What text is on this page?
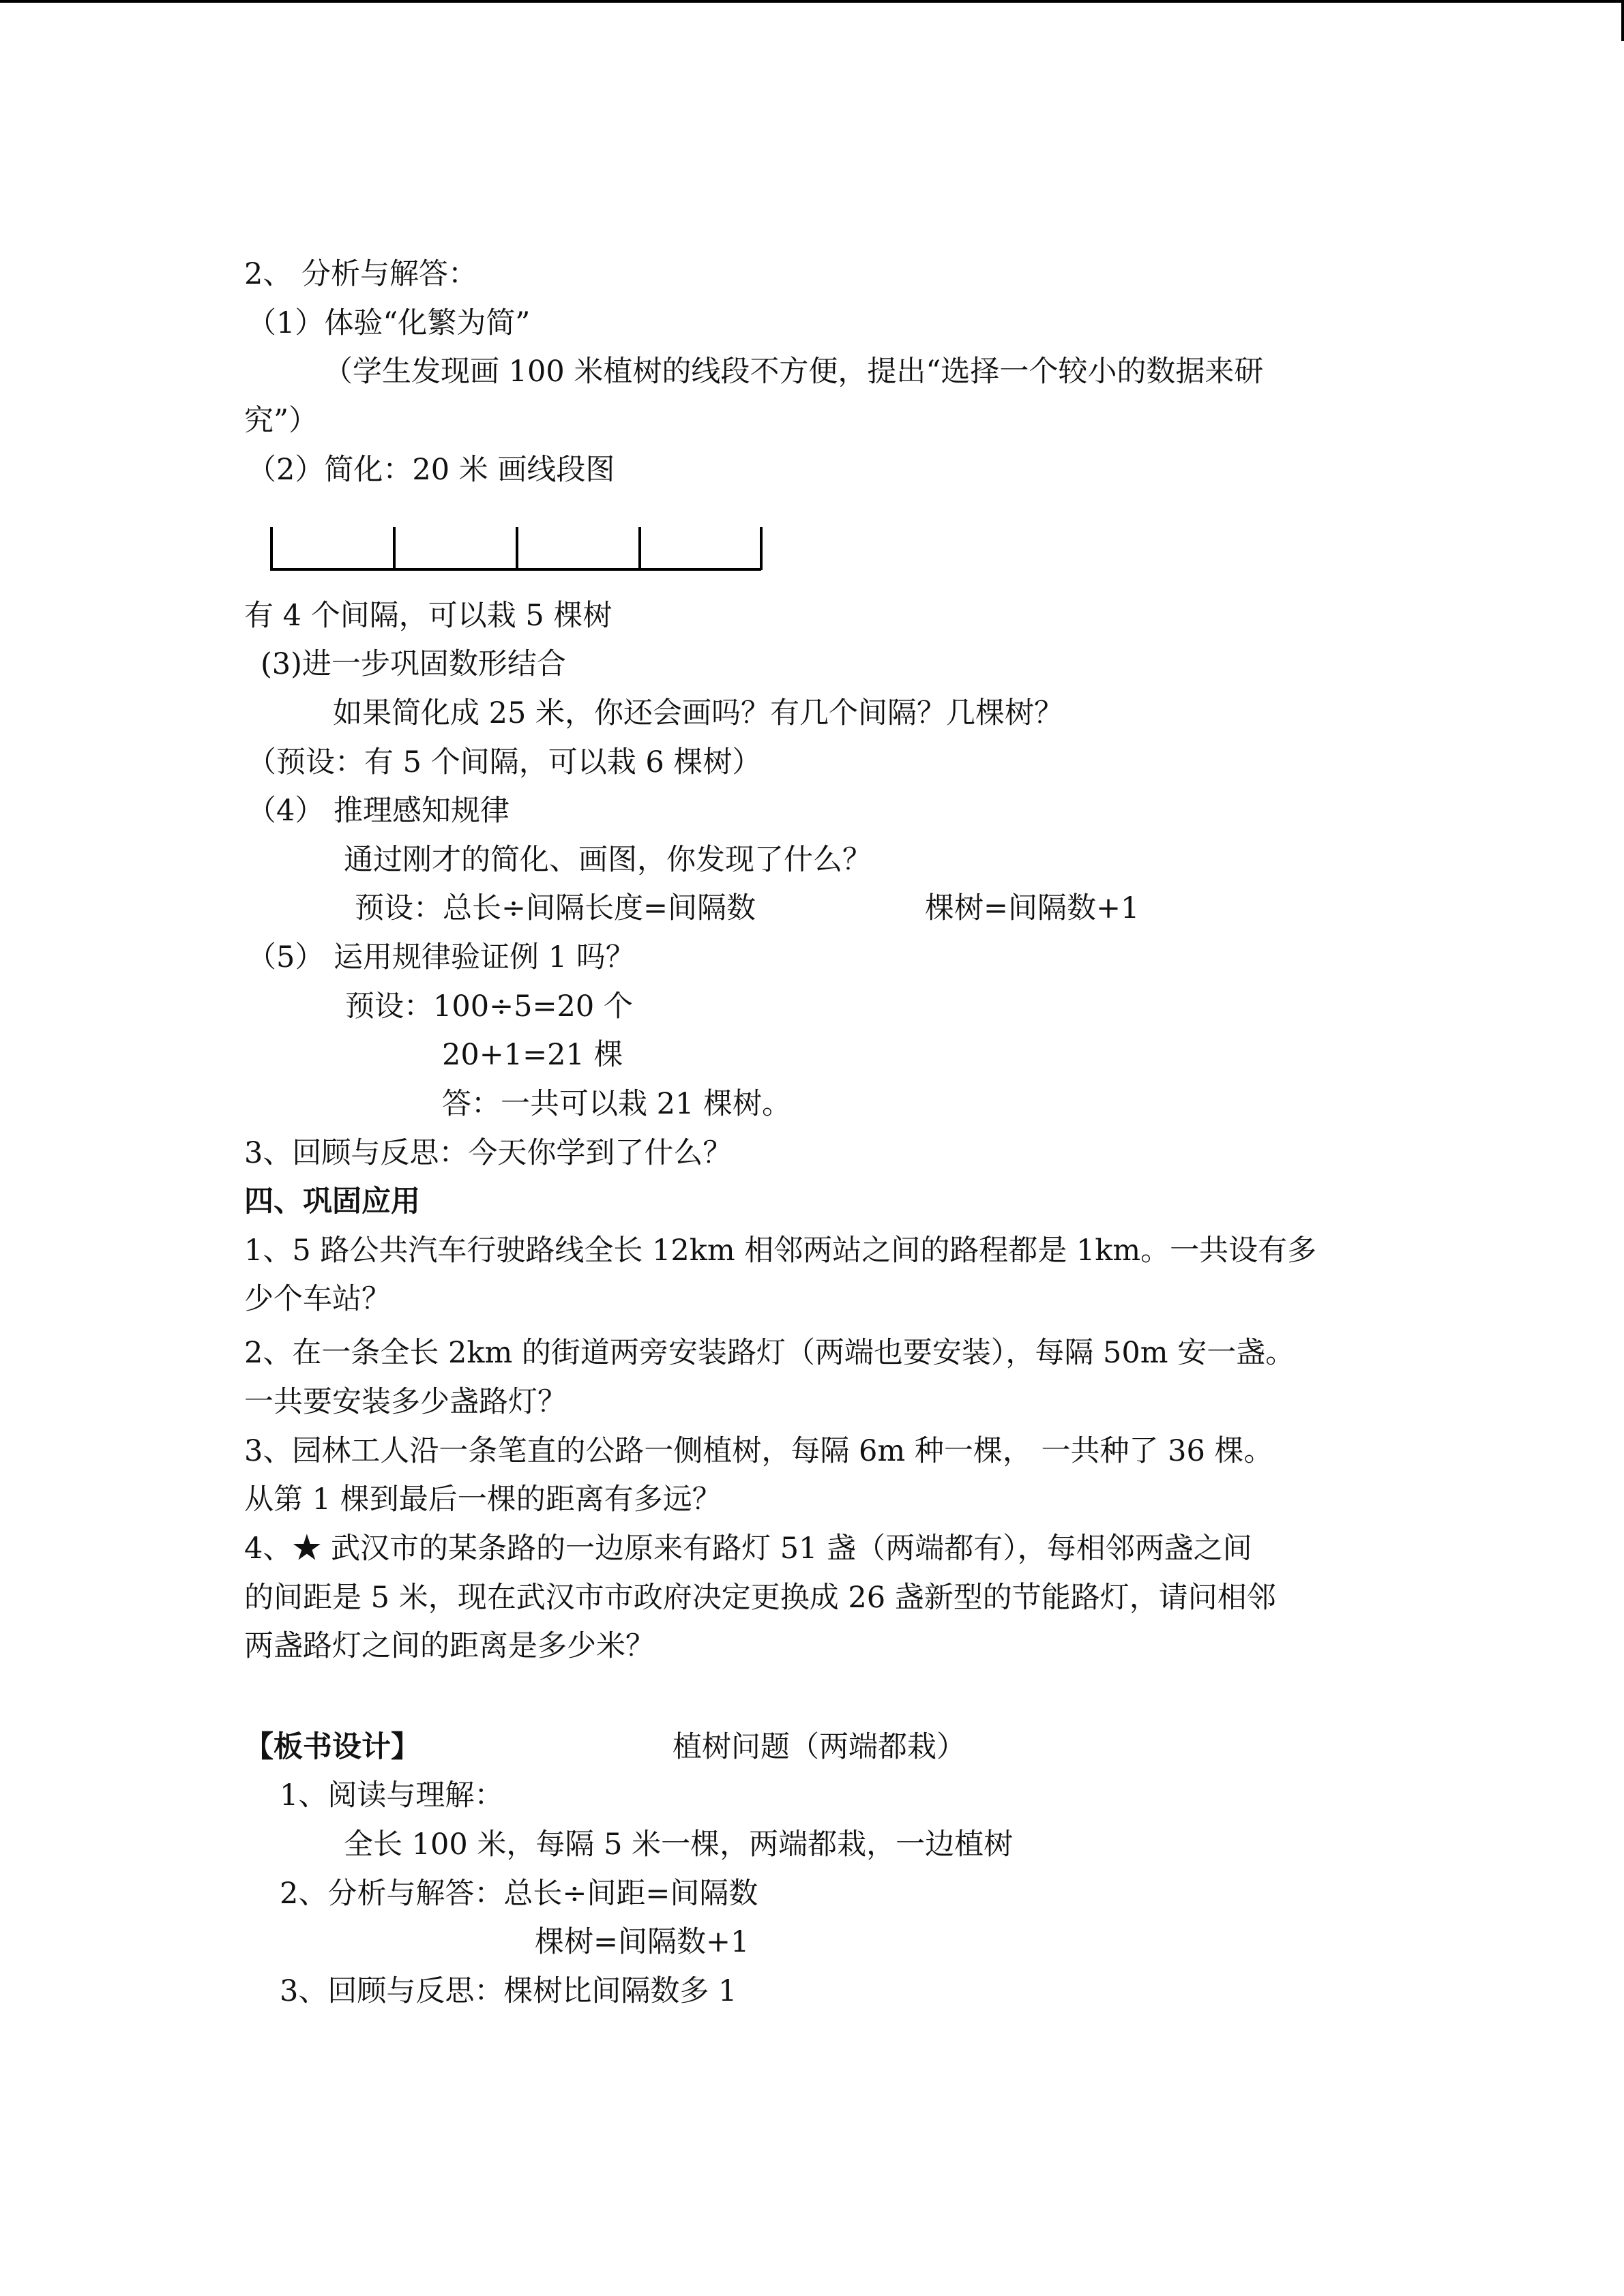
2、 分析与解答：
（1）体验“化繁为简”
（学生发现画 100 米植树的线段不方便，提出“选择一个较小的数据来研
究”）
（2）简化：20 米 画线段图
有 4 个间隔，可以栽 5 棵树
(3)进一步巩固数形结合
如果简化成 25 米，你还会画吗？有几个间隔？几棵树？
（预设：有 5 个间隔，可以栽 6 棵树）
（4） 推理感知规律
通过刚才的简化、画图，你发现了什么？
预设：总长÷间隔长度=间隔数	棵树=间隔数+1
（5） 运用规律验证例 1 吗？
预设：100÷5=20 个
20+1=21 棵
答：一共可以栽 21 棵树。
3、回顾与反思：今天你学到了什么？
四、巩固应用
1、5 路公共汽车行驶路线全长 12km 相邻两站之间的路程都是 1km。一共设有多
少个车站？
2、在一条全长 2km 的街道两旁安装路灯（两端也要安装），每隔 50m 安一盏。
一共要安装多少盏路灯？
3、园林工人沿一条笔直的公路一侧植树，每隔 6m 种一棵， 一共种了 36 棵。
从第 1 棵到最后一棵的距离有多远？
4、★ 武汉市的某条路的一边原来有路灯 51 盏（两端都有），每相邻两盏之间
的间距是 5 米，现在武汉市市政府决定更换成 26 盏新型的节能路灯，请问相邻
两盏路灯之间的距离是多少米？
【板书设计】	植树问题（两端都栽）
1、阅读与理解：
全长 100 米，每隔 5 米一棵，两端都栽，一边植树
2、分析与解答：总长÷间距=间隔数
棵树=间隔数+1
3、回顾与反思：棵树比间隔数多 1
